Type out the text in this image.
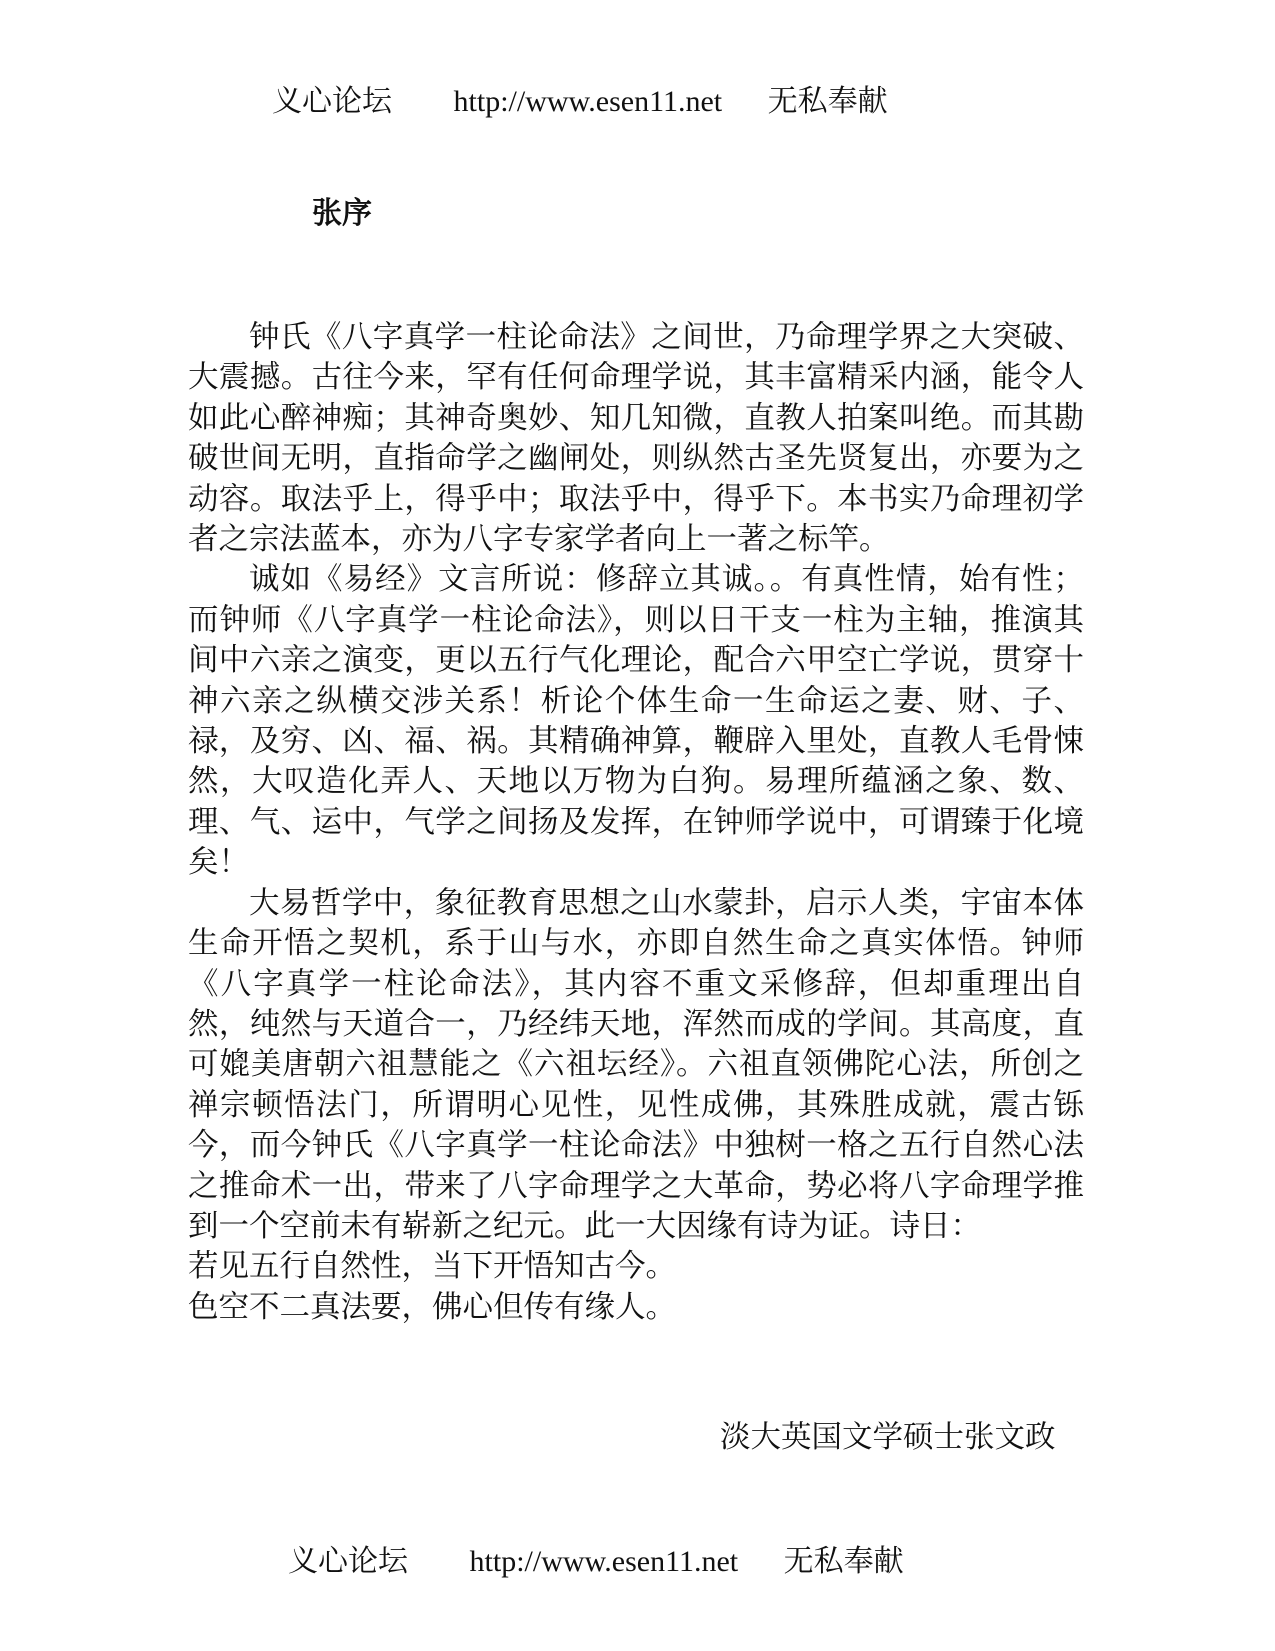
义心论坛 http://www.esen11.net 无私奉献
张序

钟氏《八字真学一柱论命法》之间世，乃命理学界之大突破、大震撼。古往今来，罕有任何命理学说，其丰富精采内涵，能令人如此心醉神痴；其神奇奥妙、知几知微，直教人拍案叫绝。而其勘破世间无明，直指命学之幽闸处，则纵然古圣先贤复出，亦要为之动容。取法乎上，得乎中；取法乎中，得乎下。本书实乃命理初学者之宗法蓝本，亦为八字专家学者向上一著之标竿。

诚如《易经》文言所说：修辞立其诚。。有真性情，始有性；而钟师《八字真学一柱论命法》，则以日干支一柱为主轴，推演其间中六亲之演变，更以五行气化理论，配合六甲空亡学说，贯穿十神六亲之纵横交涉关系！析论个体生命一生命运之妻、财、子、禄，及穷、凶、福、祸。其精确神算，鞭辟入里处，直教人毛骨悚然，大叹造化弄人、天地以万物为白狗。易理所蕴涵之象、数、理、气、运中，气学之间扬及发挥，在钟师学说中，可谓臻于化境矣！

大易哲学中，象征教育思想之山水蒙卦，启示人类，宇宙本体生命开悟之契机，系于山与水，亦即自然生命之真实体悟。钟师《八字真学一柱论命法》，其内容不重文采修辞，但却重理出自然，纯然与天道合一，乃经纬天地，浑然而成的学间。其高度，直可媲美唐朝六祖慧能之《六祖坛经》。六祖直领佛陀心法，所创之禅宗顿悟法门，所谓明心见性，见性成佛，其殊胜成就，震古铄今，而今钟氏《八字真学一柱论命法》中独树一格之五行自然心法之推命术一出，带来了八字命理学之大革命，势必将八字命理学推到一个空前未有崭新之纪元。此一大因缘有诗为证。诗日：

若见五行自然性，当下开悟知古今。

色空不二真法要，佛心但传有缘人。

淡大英国文学硕士张文政
义心论坛 http://www.esen11.net 无私奉献
